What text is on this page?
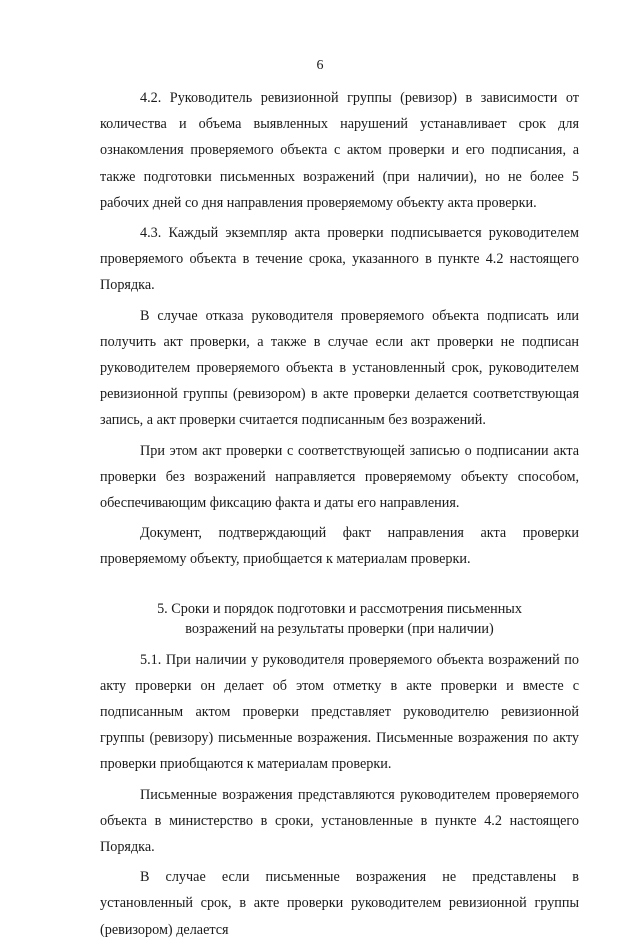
6

4.2. Руководитель ревизионной группы (ревизор) в зависимости от количества и объема выявленных нарушений устанавливает срок для ознакомления проверяемого объекта с актом проверки и его подписания, а также подготовки письменных возражений (при наличии), но не более 5 рабочих дней со дня направления проверяемому объекту акта проверки.

4.3. Каждый экземпляр акта проверки подписывается руководителем проверяемого объекта в течение срока, указанного в пункте 4.2 настоящего Порядка.

В случае отказа руководителя проверяемого объекта подписать или получить акт проверки, а также в случае если акт проверки не подписан руководителем проверяемого объекта в установленный срок, руководителем ревизионной группы (ревизором) в акте проверки делается соответствующая запись, а акт проверки считается подписанным без возражений.

При этом акт проверки с соответствующей записью о подписании акта проверки без возражений направляется проверяемому объекту способом, обеспечивающим фиксацию факта и даты его направления.

Документ, подтверждающий факт направления акта проверки проверяемому объекту, приобщается к материалам проверки.

5. Сроки и порядок подготовки и рассмотрения письменных
возражений на результаты проверки (при наличии)

5.1. При наличии у руководителя проверяемого объекта возражений по акту проверки он делает об этом отметку в акте проверки и вместе с подписанным актом проверки представляет руководителю ревизионной группы (ревизору) письменные возражения. Письменные возражения по акту проверки приобщаются к материалам проверки.

Письменные возражения представляются руководителем проверяемого объекта в министерство в сроки, установленные в пункте 4.2 настоящего Порядка.

В случае если письменные возражения не представлены в установленный срок, в акте проверки руководителем ревизионной группы (ревизором) делается
